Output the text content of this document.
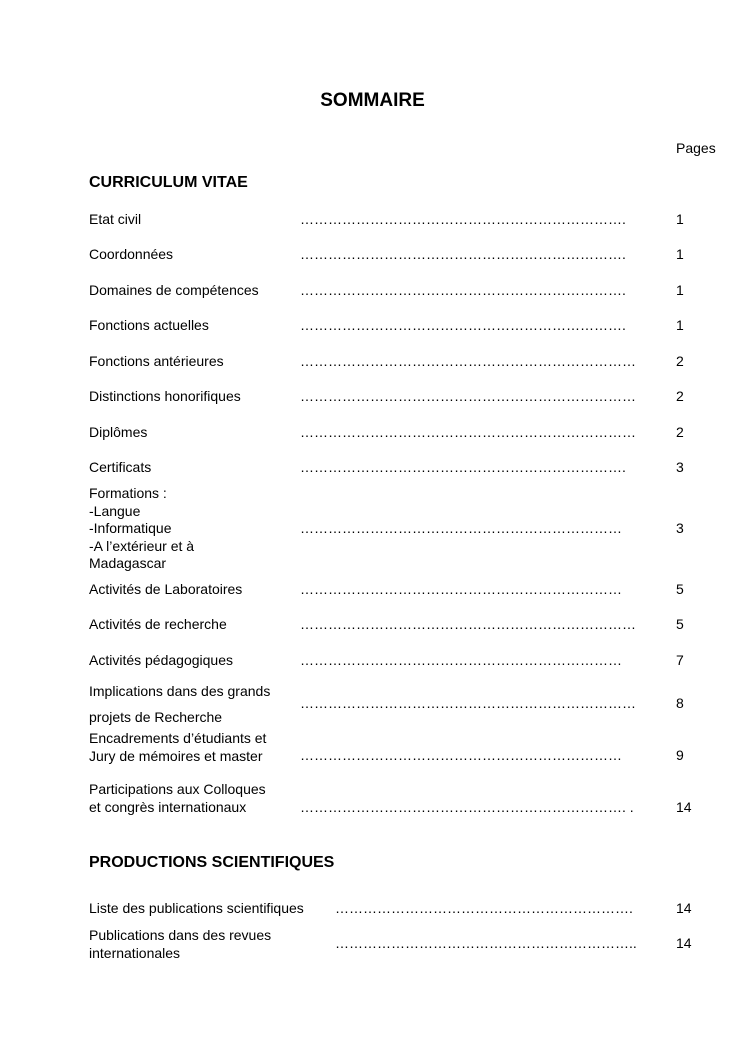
SOMMAIRE
Pages
CURRICULUM VITAE
Etat civil	…………………………………………………………….	1
Coordonnées	…………………………………………………………….	1
Domaines de compétences	…………………………………………………………….	1
Fonctions actuelles	…………………………………………………………….	1
Fonctions antérieures	………………………………………………………………	2
Distinctions honorifiques	………………………………………………………………	2
Diplômes	………………………………………………………………	2
Certificats	…………………………………………………………….	3
Formations :
-Langue
-Informatique
-A l’extérieur et à
Madagascar
……………………………………………………………	3
Activités de Laboratoires	……………………………………………………………	5
Activités de recherche	………………………………………………………………	5
Activités pédagogiques	……………………………………………………………	7
Implications dans des grands
projets de Recherche
………………………………………………………………	8
Encadrements d’étudiants et
Jury de mémoires et master	……………………………………………………………	9
Participations aux Colloques
et congrès internationaux	……………………………………………………………. .	14
PRODUCTIONS SCIENTIFIQUES
Liste des publications scientifiques	……………………………………………………….	14
Publications dans des revues
internationales
………………………………………………………..	14
